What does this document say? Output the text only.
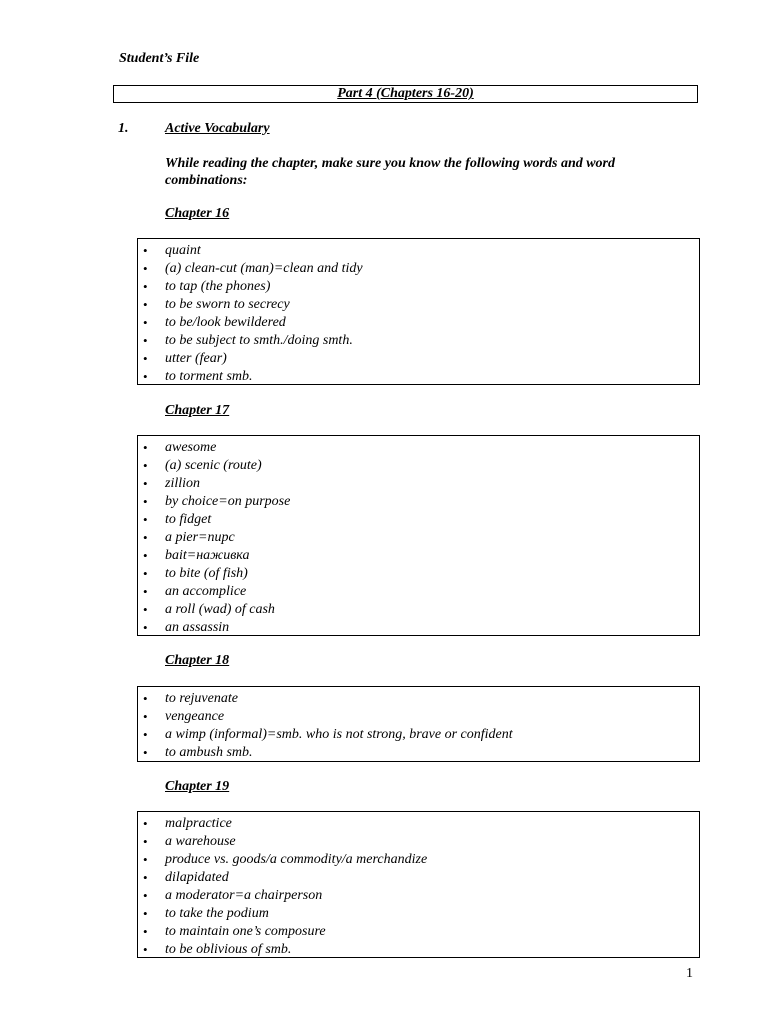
Student’s File
Part 4 (Chapters 16-20)
1.	Active Vocabulary
While reading the chapter, make sure you know the following words and word combinations:
Chapter 16
• quaint
• (a) clean-cut (man)=clean and tidy
• to tap (the phones)
• to be sworn to secrecy
• to be/look bewildered
• to be subject to smth./doing smth.
• utter (fear)
• to torment smb.
Chapter 17
• awesome
• (a) scenic (route)
• zillion
• by choice=on purpose
• to fidget
• a pier=пирс
• bait=наживка
• to bite (of fish)
• an accomplice
• a roll (wad) of cash
• an assassin
Chapter 18
• to rejuvenate
• vengeance
• a wimp (informal)=smb. who is not strong, brave or confident
• to ambush smb.
Chapter 19
• malpractice
• a warehouse
• produce vs. goods/a commodity/a merchandize
• dilapidated
• a moderator=a chairperson
• to take the podium
• to maintain one’s composure
• to be oblivious of smb.
1
